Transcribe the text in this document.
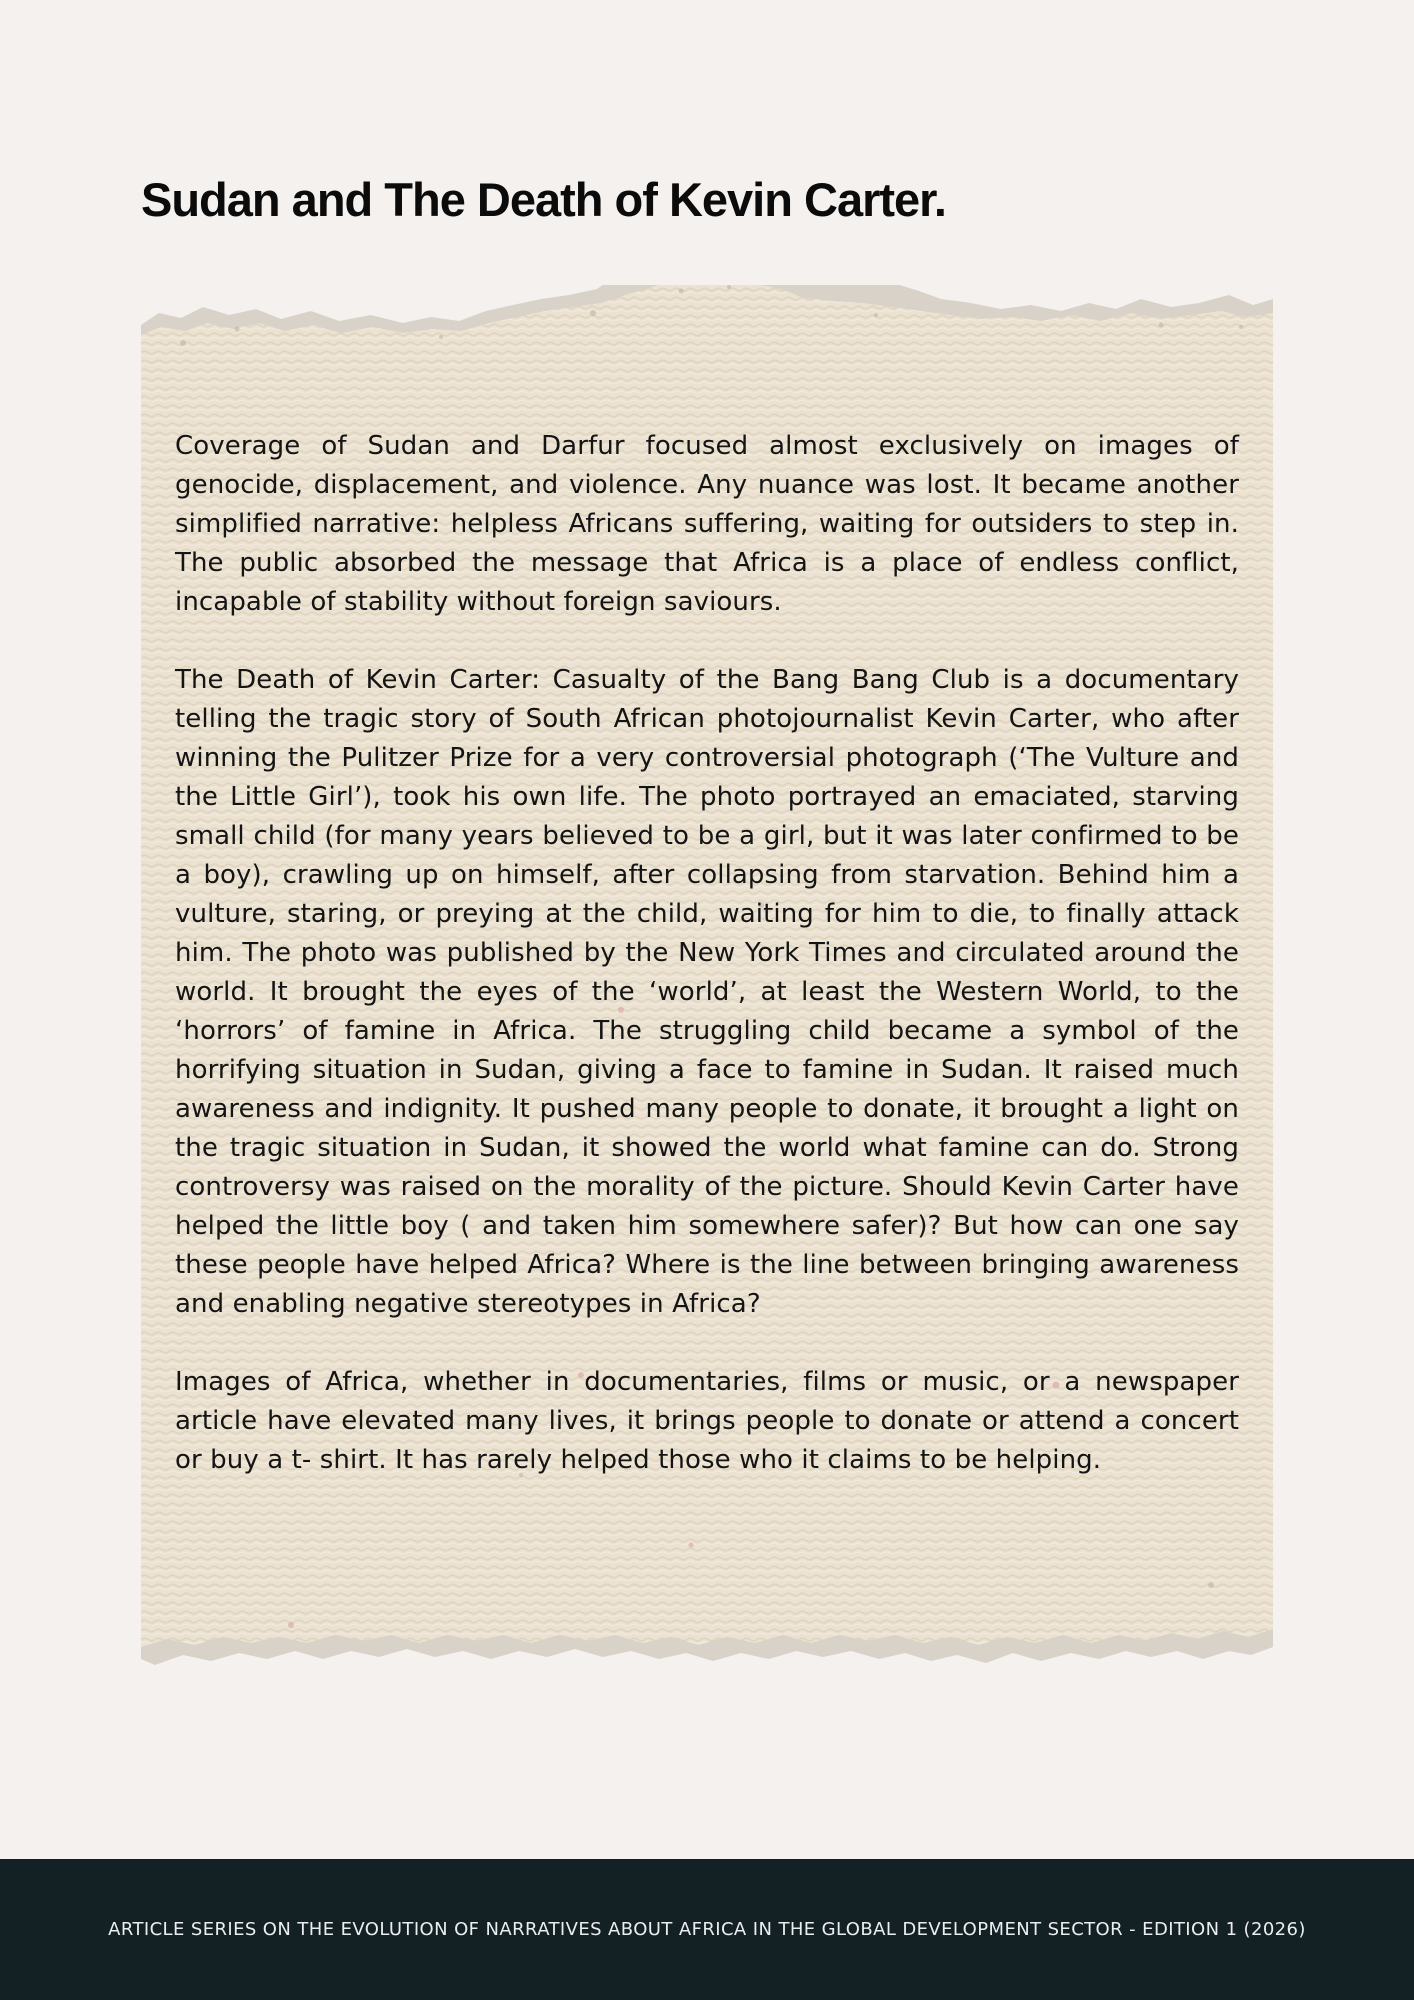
Sudan and The Death of Kevin Carter.

Coverage of Sudan and Darfur focused almost exclusively on images of genocide, displacement, and violence. Any nuance was lost. It became another simplified narrative: helpless Africans suffering, waiting for outsiders to step in. The public absorbed the message that Africa is a place of endless conflict, incapable of stability without foreign saviours.

The Death of Kevin Carter: Casualty of the Bang Bang Club is a documentary telling the tragic story of South African photojournalist Kevin Carter, who after winning the Pulitzer Prize for a very controversial photograph (‘The Vulture and the Little Girl’), took his own life. The photo portrayed an emaciated, starving small child (for many years believed to be a girl, but it was later confirmed to be a boy), crawling up on himself, after collapsing from starvation. Behind him a vulture, staring, or preying at the child, waiting for him to die, to finally attack him. The photo was published by the New York Times and circulated around the world. It brought the eyes of the ‘world’, at least the Western World, to the ‘horrors’ of famine in Africa. The struggling child became a symbol of the horrifying situation in Sudan, giving a face to famine in Sudan. It raised much awareness and indignity. It pushed many people to donate, it brought a light on the tragic situation in Sudan, it showed the world what famine can do. Strong controversy was raised on the morality of the picture. Should Kevin Carter have helped the little boy ( and taken him somewhere safer)? But how can one say these people have helped Africa? Where is the line between bringing awareness and enabling negative stereotypes in Africa?

Images of Africa, whether in documentaries, films or music, or a newspaper article have elevated many lives, it brings people to donate or attend a concert or buy a t- shirt. It has rarely helped those who it claims to be helping.

ARTICLE SERIES ON THE EVOLUTION OF NARRATIVES ABOUT AFRICA IN THE GLOBAL DEVELOPMENT SECTOR - EDITION 1 (2026)
